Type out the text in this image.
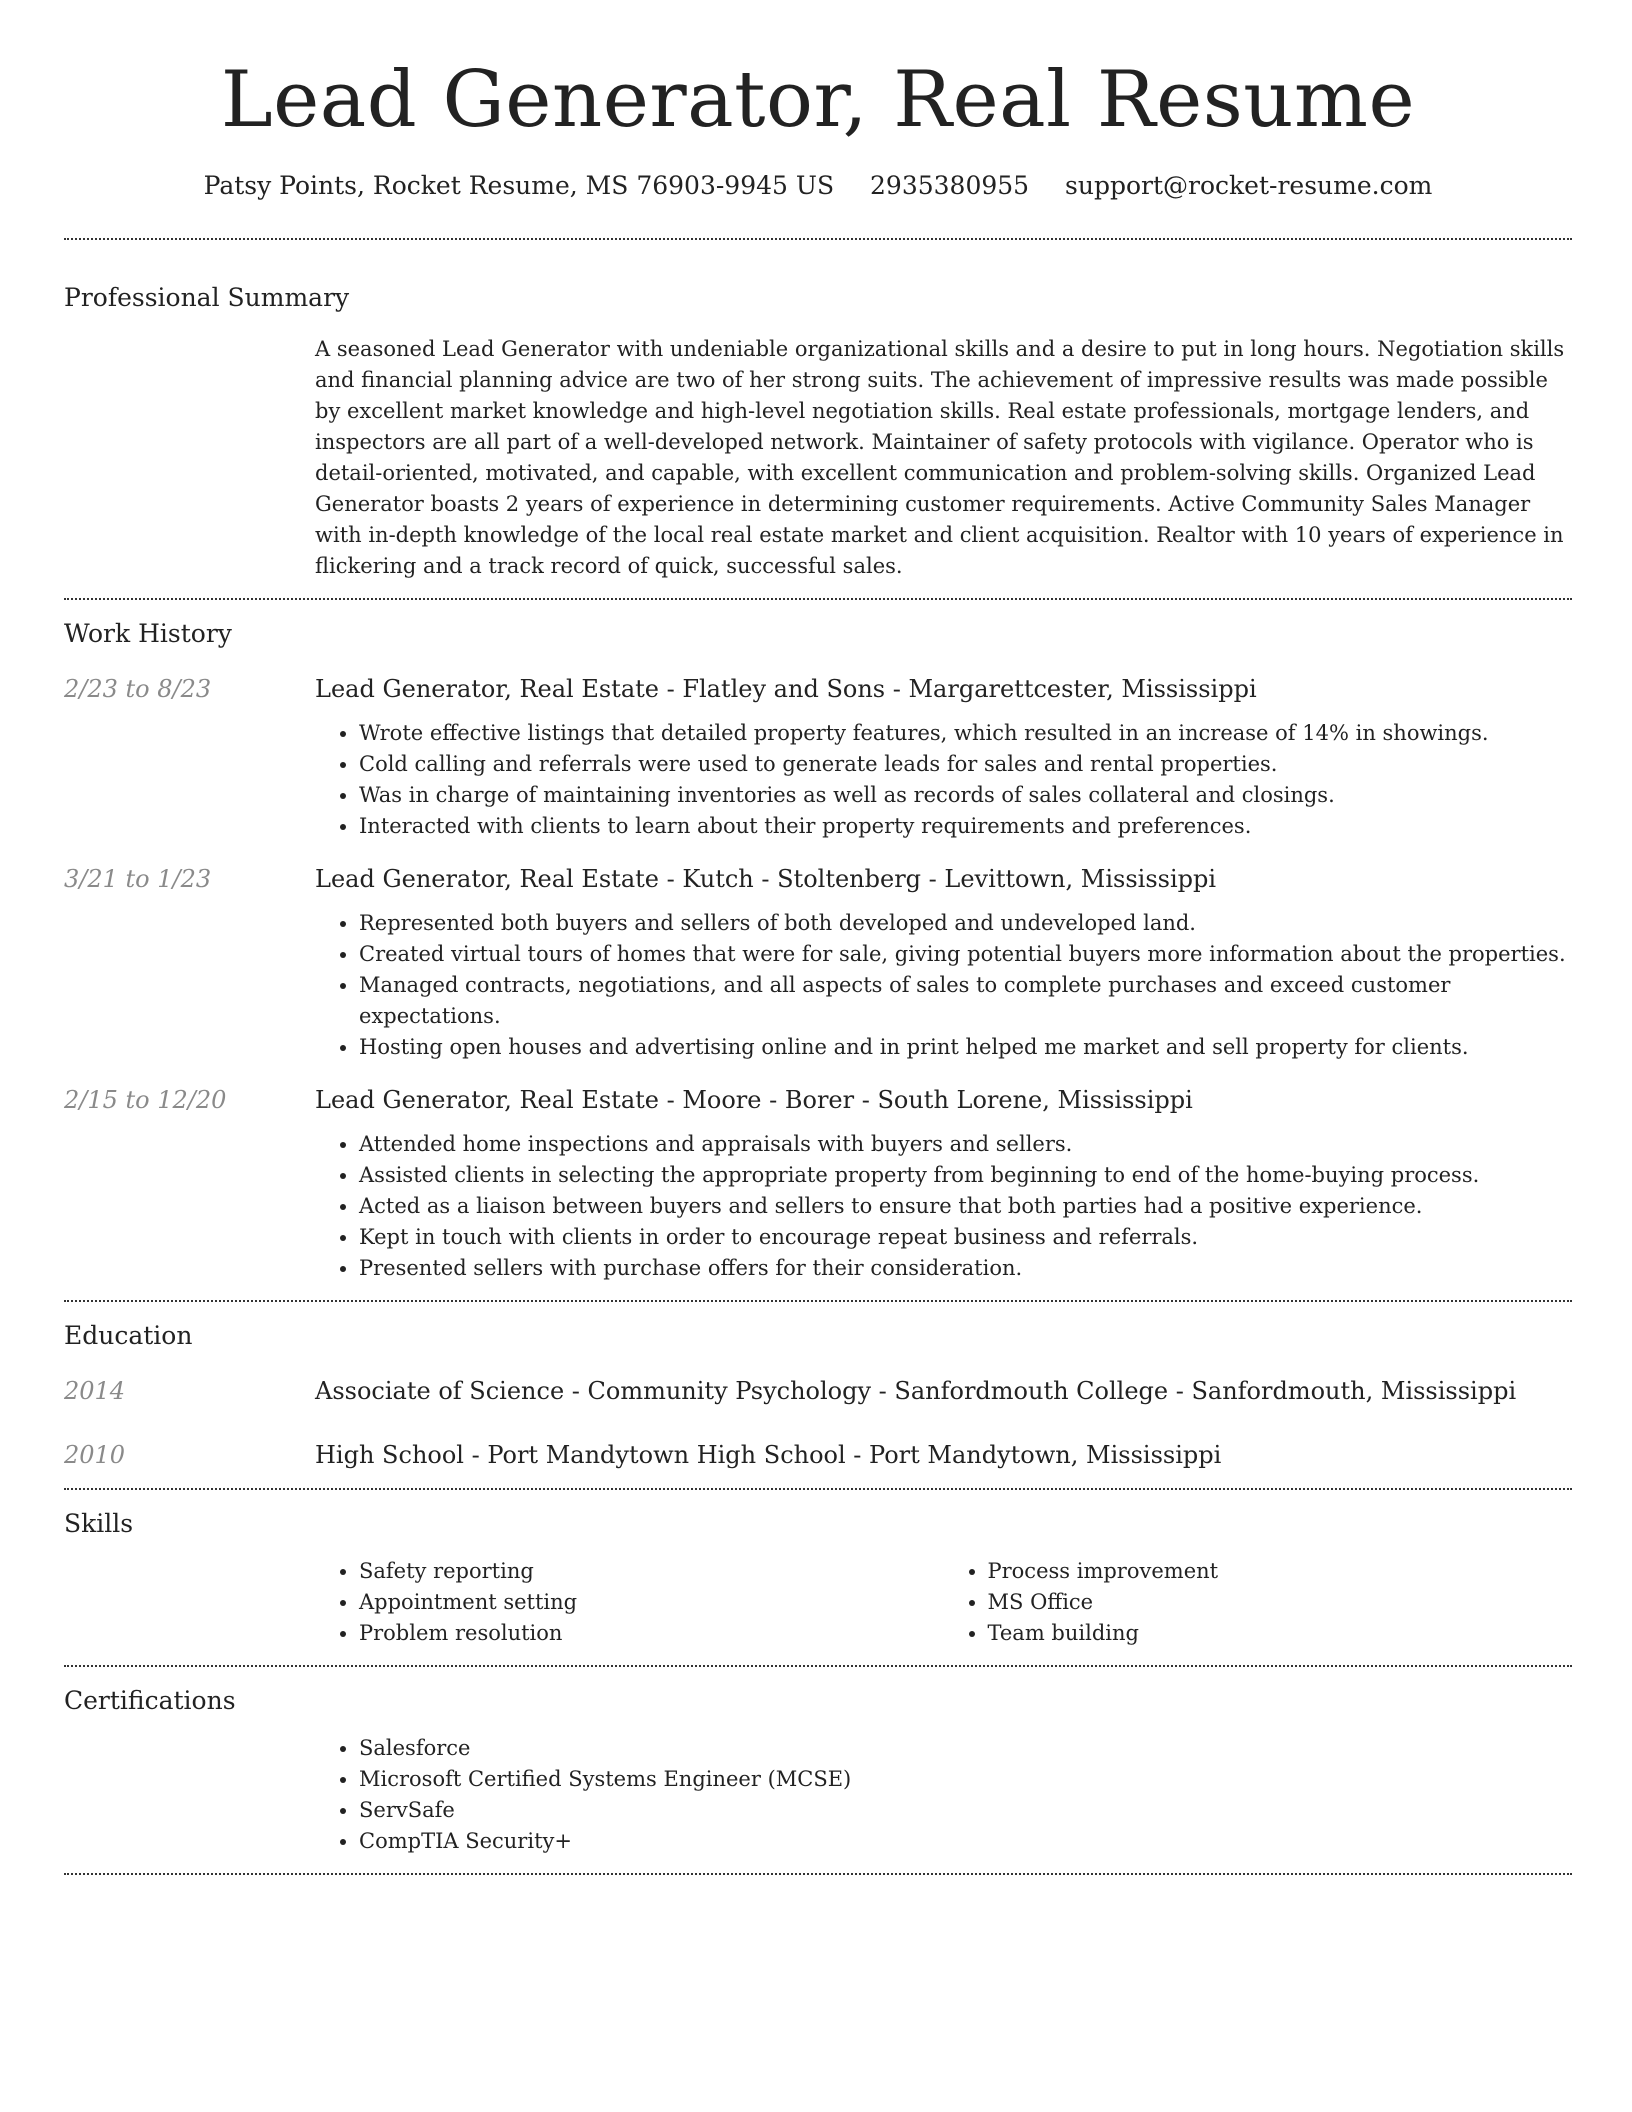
Lead Generator, Real Resume
Patsy Points, Rocket Resume, MS 76903-9945 US 2935380955 support@rocket-resume.com
Professional Summary
A seasoned Lead Generator with undeniable organizational skills and a desire to put in long hours. Negotiation skills and financial planning advice are two of her strong suits. The achievement of impressive results was made possible by excellent market knowledge and high-level negotiation skills. Real estate professionals, mortgage lenders, and inspectors are all part of a well-developed network. Maintainer of safety protocols with vigilance. Operator who is detail-oriented, motivated, and capable, with excellent communication and problem-solving skills. Organized Lead Generator boasts 2 years of experience in determining customer requirements. Active Community Sales Manager with in-depth knowledge of the local real estate market and client acquisition. Realtor with 10 years of experience in flickering and a track record of quick, successful sales.
Work History
2/23 to 8/23	Lead Generator, Real Estate - Flatley and Sons - Margarettcester, Mississippi
• Wrote effective listings that detailed property features, which resulted in an increase of 14% in showings.
• Cold calling and referrals were used to generate leads for sales and rental properties.
• Was in charge of maintaining inventories as well as records of sales collateral and closings.
• Interacted with clients to learn about their property requirements and preferences.
3/21 to 1/23	Lead Generator, Real Estate - Kutch - Stoltenberg - Levittown, Mississippi
• Represented both buyers and sellers of both developed and undeveloped land.
• Created virtual tours of homes that were for sale, giving potential buyers more information about the properties.
• Managed contracts, negotiations, and all aspects of sales to complete purchases and exceed customer expectations.
• Hosting open houses and advertising online and in print helped me market and sell property for clients.
2/15 to 12/20	Lead Generator, Real Estate - Moore - Borer - South Lorene, Mississippi
• Attended home inspections and appraisals with buyers and sellers.
• Assisted clients in selecting the appropriate property from beginning to end of the home-buying process.
• Acted as a liaison between buyers and sellers to ensure that both parties had a positive experience.
• Kept in touch with clients in order to encourage repeat business and referrals.
• Presented sellers with purchase offers for their consideration.
Education
2014	Associate of Science - Community Psychology - Sanfordmouth College - Sanfordmouth, Mississippi
2010	High School - Port Mandytown High School - Port Mandytown, Mississippi
Skills
• Safety reporting
• Appointment setting
• Problem resolution
• Process improvement
• MS Office
• Team building
Certifications
• Salesforce
• Microsoft Certified Systems Engineer (MCSE)
• ServSafe
• CompTIA Security+
